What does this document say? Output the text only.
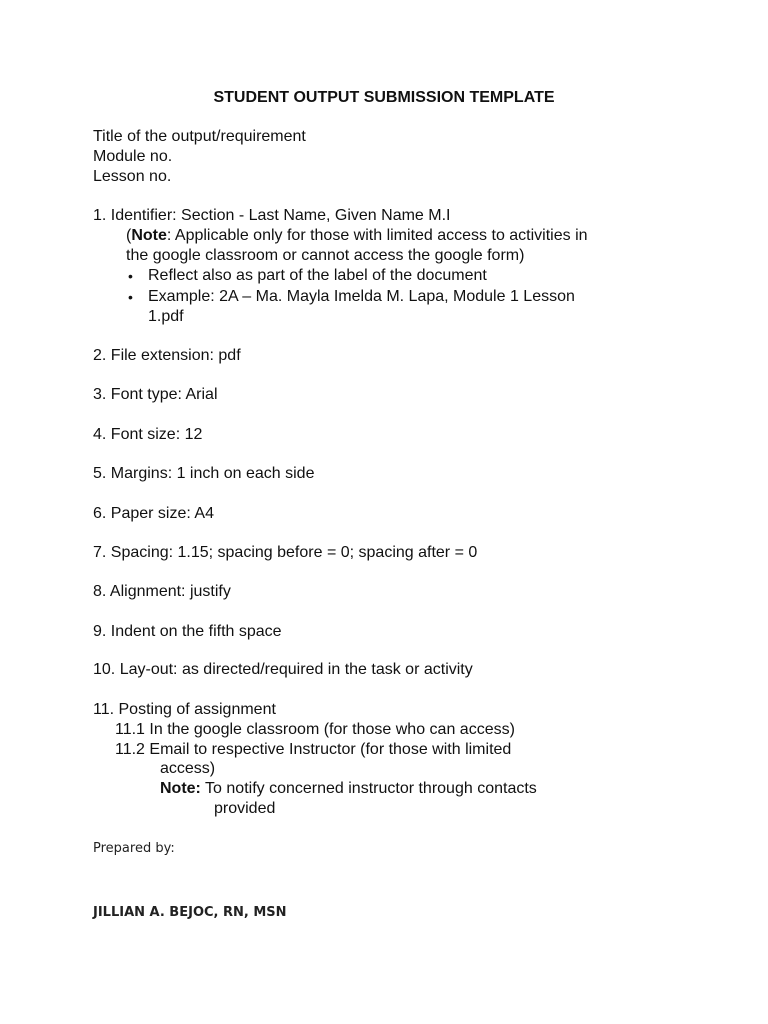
STUDENT OUTPUT SUBMISSION TEMPLATE
Title of the output/requirement
Module no.
Lesson no.
1. Identifier: Section - Last Name, Given Name M.I
(Note: Applicable only for those with limited access to activities in
the google classroom or cannot access the google form)
• Reflect also as part of the label of the document
• Example: 2A – Ma. Mayla Imelda M. Lapa, Module 1 Lesson
1.pdf
2. File extension: pdf
3. Font type: Arial
4. Font size: 12
5. Margins: 1 inch on each side
6. Paper size: A4
7. Spacing: 1.15; spacing before = 0; spacing after = 0
8. Alignment: justify
9. Indent on the fifth space
10. Lay-out: as directed/required in the task or activity
11. Posting of assignment
11.1 In the google classroom (for those who can access)
11.2 Email to respective Instructor (for those with limited
access)
Note: To notify concerned instructor through contacts
provided
Prepared by:
JILLIAN A. BEJOC, RN, MSN
